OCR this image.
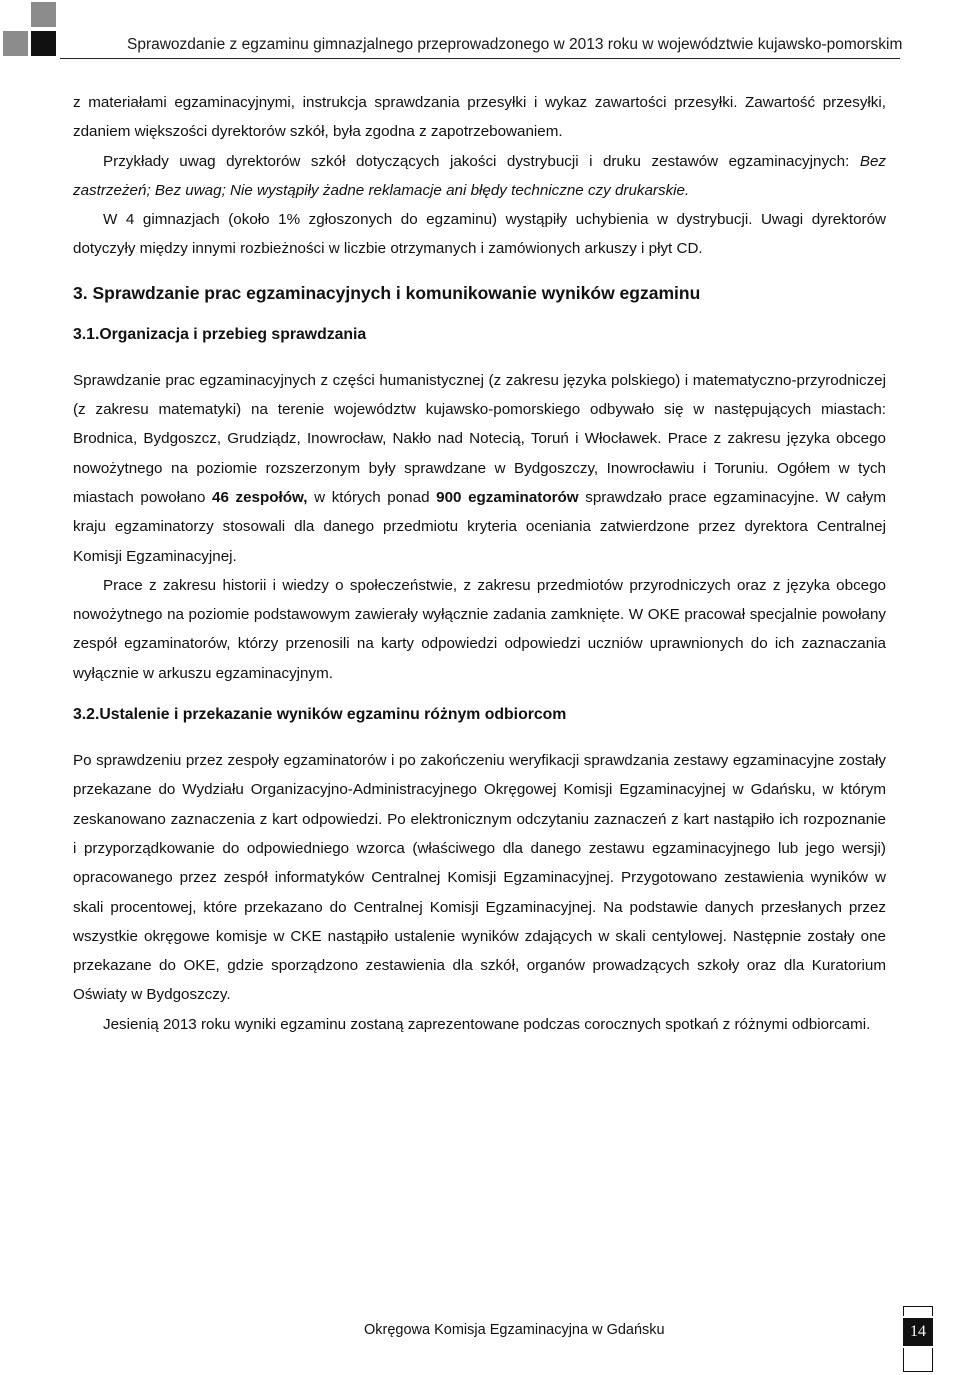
Sprawozdanie z egzaminu gimnazjalnego przeprowadzonego w 2013 roku w województwie kujawsko-pomorskim

z materiałami egzaminacyjnymi, instrukcja sprawdzania przesyłki i wykaz zawartości przesyłki. Zawartość przesyłki, zdaniem większości dyrektorów szkół, była zgodna z zapotrzebowaniem.

Przykłady uwag dyrektorów szkół dotyczących jakości dystrybucji i druku zestawów egzaminacyjnych: Bez zastrzeżeń; Bez uwag; Nie wystąpiły żadne reklamacje ani błędy techniczne czy drukarskie.

W 4 gimnazjach (około 1% zgłoszonych do egzaminu) wystąpiły uchybienia w dystrybucji. Uwagi dyrektorów dotyczyły między innymi rozbieżności w liczbie otrzymanych i zamówionych arkuszy i płyt CD.

3. Sprawdzanie prac egzaminacyjnych i komunikowanie wyników egzaminu
3.1.Organizacja i przebieg sprawdzania

Sprawdzanie prac egzaminacyjnych z części humanistycznej (z zakresu języka polskiego) i matematyczno-przyrodniczej (z zakresu matematyki) na terenie województw kujawsko-pomorskiego odbywało się w następujących miastach: Brodnica, Bydgoszcz, Grudziądz, Inowrocław, Nakło nad Notecią, Toruń i Włocławek. Prace z zakresu języka obcego nowożytnego na poziomie rozszerzonym były sprawdzane w Bydgoszczy, Inowrocławiu i Toruniu. Ogółem w tych miastach powołano 46 zespołów, w których ponad 900 egzaminatorów sprawdzało prace egzaminacyjne. W całym kraju egzaminatorzy stosowali dla danego przedmiotu kryteria oceniania zatwierdzone przez dyrektora Centralnej Komisji Egzaminacyjnej.

Prace z zakresu historii i wiedzy o społeczeństwie, z zakresu przedmiotów przyrodniczych oraz z języka obcego nowożytnego na poziomie podstawowym zawierały wyłącznie zadania zamknięte. W OKE pracował specjalnie powołany zespół egzaminatorów, którzy przenosili na karty odpowiedzi odpowiedzi uczniów uprawnionych do ich zaznaczania wyłącznie w arkuszu egzaminacyjnym.

3.2.Ustalenie i przekazanie wyników egzaminu różnym odbiorcom

Po sprawdzeniu przez zespoły egzaminatorów i po zakończeniu weryfikacji sprawdzania zestawy egzaminacyjne zostały przekazane do Wydziału Organizacyjno-Administracyjnego Okręgowej Komisji Egzaminacyjnej w Gdańsku, w którym zeskanowano zaznaczenia z kart odpowiedzi. Po elektronicznym odczytaniu zaznaczeń z kart nastąpiło ich rozpoznanie i przyporządkowanie do odpowiedniego wzorca (właściwego dla danego zestawu egzaminacyjnego lub jego wersji) opracowanego przez zespół informatyków Centralnej Komisji Egzaminacyjnej. Przygotowano zestawienia wyników w skali procentowej, które przekazano do Centralnej Komisji Egzaminacyjnej. Na podstawie danych przesłanych przez wszystkie okręgowe komisje w CKE nastąpiło ustalenie wyników zdających w skali centylowej. Następnie zostały one przekazane do OKE, gdzie sporządzono zestawienia dla szkół, organów prowadzących szkoły oraz dla Kuratorium Oświaty w Bydgoszczy.

Jesienią 2013 roku wyniki egzaminu zostaną zaprezentowane podczas corocznych spotkań z różnymi odbiorcami.

Okręgowa Komisja Egzaminacyjna w Gdańsku	14
